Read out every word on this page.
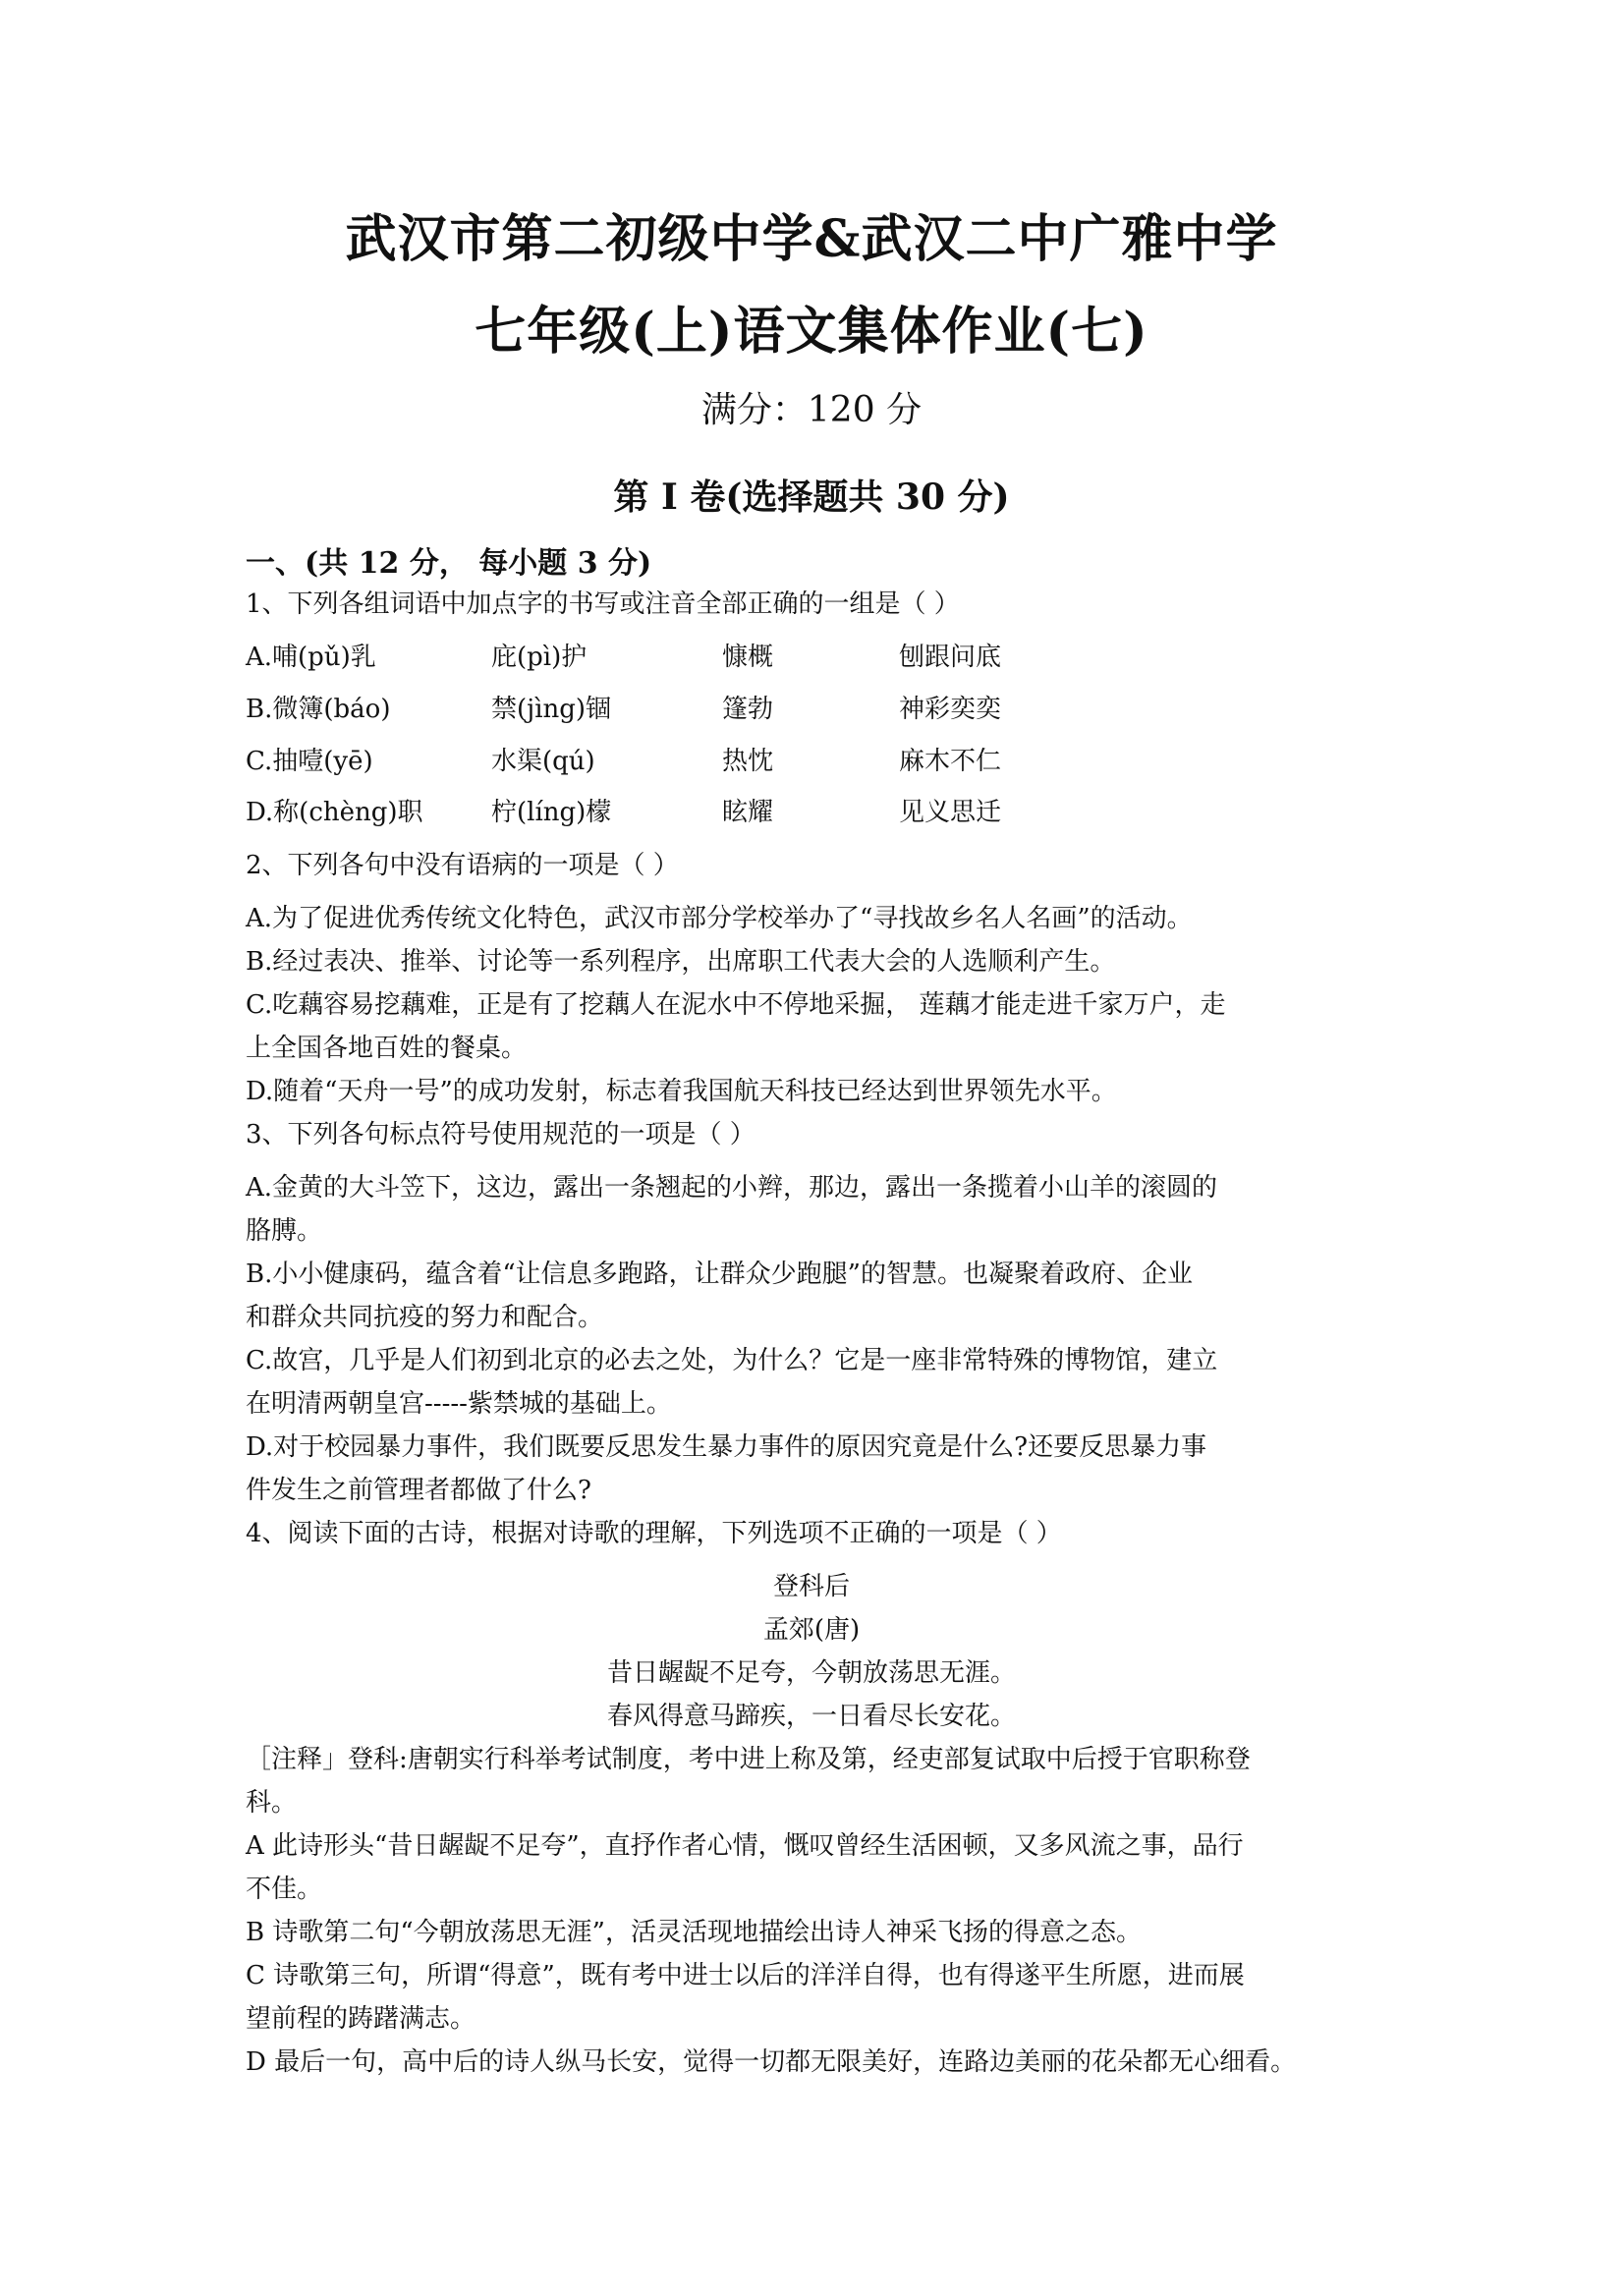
武汉市第二初级中学&武汉二中广雅中学
七年级(上)语文集体作业(七)
满分：120 分
第 I 卷(选择题共 30 分)
一、(共 12 分， 每小题 3 分)
1、下列各组词语中加点字的书写或注音全部正确的一组是（ ）
A.哺(pǔ)乳	庇(pì)护	慷概	刨跟问底
B.微簿(báo)	禁(jìng)锢	篷勃	神彩奕奕
C.抽噎(yē)	水渠(qú)	热忱	麻木不仁
D.称(chèng)职	柠(líng)檬	眩耀	见义思迁
2、下列各句中没有语病的一项是（ ）
A.为了促进优秀传统文化特色，武汉市部分学校举办了“寻找故乡名人名画”的活动。
B.经过表决、推举、讨论等一系列程序，出席职工代表大会的人选顺利产生。
C.吃藕容易挖藕难，正是有了挖藕人在泥水中不停地采掘， 莲藕才能走进千家万户，走
上全国各地百姓的餐桌。
D.随着“天舟一号”的成功发射，标志着我国航天科技已经达到世界领先水平。
3、下列各句标点符号使用规范的一项是（ ）
A.金黄的大斗笠下，这边，露出一条翘起的小辫，那边，露出一条揽着小山羊的滚圆的
胳膊。
B.小小健康码，蕴含着“让信息多跑路，让群众少跑腿”的智慧。也凝聚着政府、企业
和群众共同抗疫的努力和配合。
C.故宫，几乎是人们初到北京的必去之处，为什么？它是一座非常特殊的博物馆，建立
在明清两朝皇宫-----紫禁城的基础上。
D.对于校园暴力事件，我们既要反思发生暴力事件的原因究竟是什么?还要反思暴力事
件发生之前管理者都做了什么?
4、阅读下面的古诗，根据对诗歌的理解，下列选项不正确的一项是（ ）
登科后
孟郊(唐)
昔日龌龊不足夸，今朝放荡思无涯。
春风得意马蹄疾，一日看尽长安花。
［注释」登科:唐朝实行科举考试制度，考中进上称及第，经吏部复试取中后授于官职称登
科。
A 此诗形头“昔日龌龊不足夸”，直抒作者心情，慨叹曾经生活困顿，又多风流之事，品行
不佳。
B 诗歌第二句“今朝放荡思无涯”，活灵活现地描绘出诗人神采飞扬的得意之态。
C 诗歌第三句，所谓“得意”，既有考中进士以后的洋洋自得，也有得遂平生所愿，进而展
望前程的踌躇满志。
D 最后一句，高中后的诗人纵马长安，觉得一切都无限美好，连路边美丽的花朵都无心细看。
